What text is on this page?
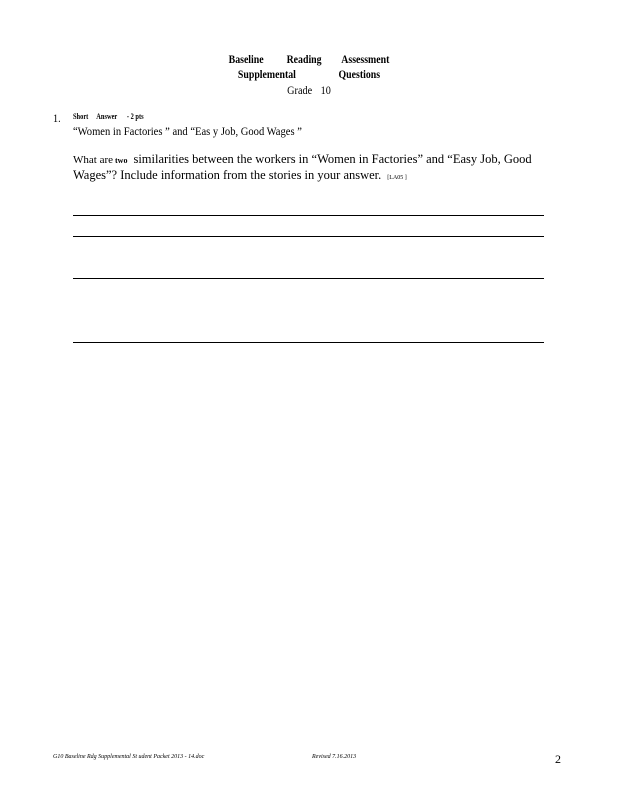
Baseline Reading Assessment
Supplemental	Questions
Grade 10
1. Short Answer - 2 pts
“Women in Factories ” and “Eas y Job, Good Wages ”
What are two similarities between the workers in “Women in Factories” and “Easy Job, Good Wages”? Include information from the stories in your answer. [LA05 ]
G10 Baseline Rdg Supplemental St udent Packet 2013 - 14.doc	Revised 7.16.2013	2
